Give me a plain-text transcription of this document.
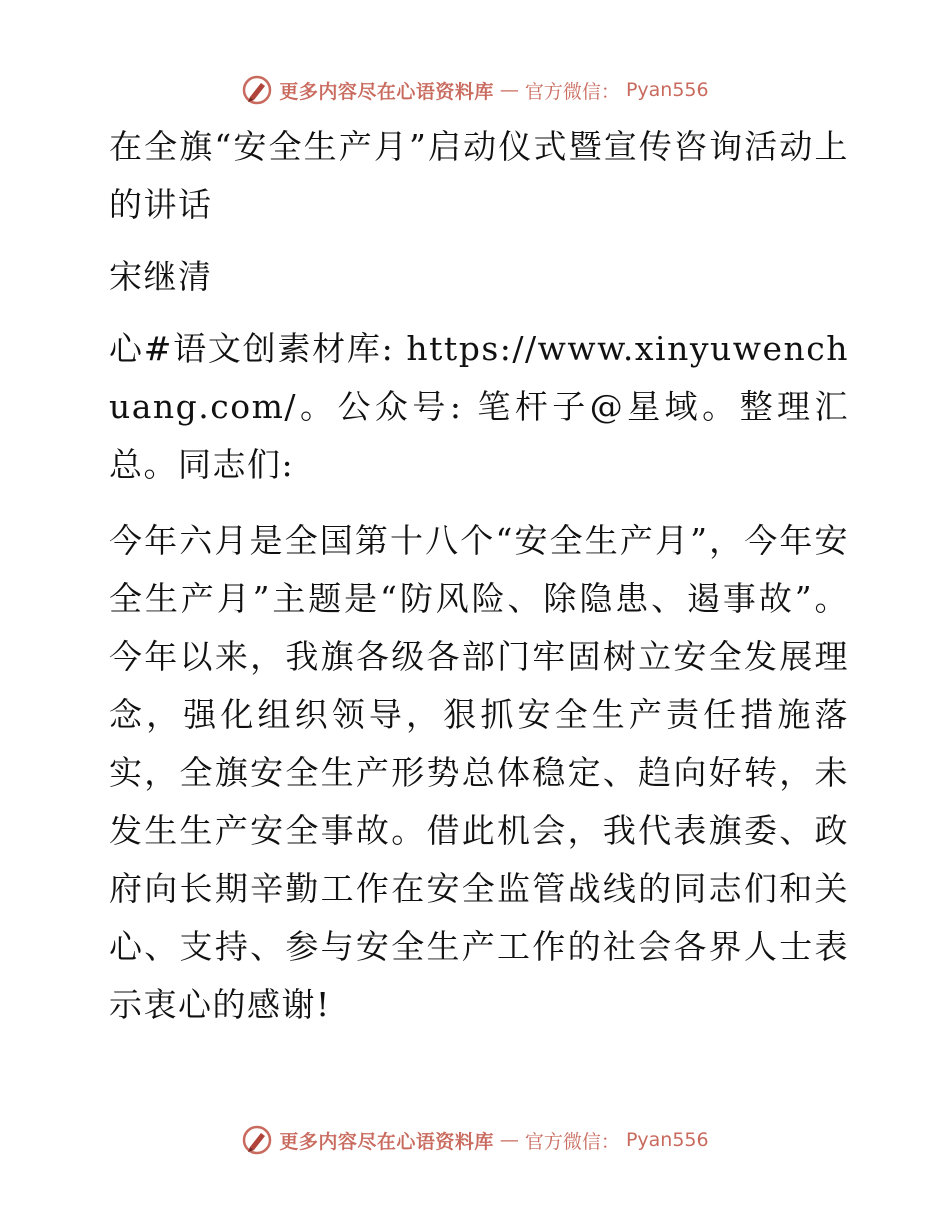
更多内容尽在心语资料库 — 官方微信： Pyan556

在全旗“安全生产月”启动仪式暨宣传咨询活动上的讲话

宋继清

心#语文创素材库: https://www.xinyuwenchuang.com/。公众号: 笔杆子@星域。整理汇总。同志们:

今年六月是全国第十八个“安全生产月”，今年安全生产月”主题是“防风险、除隐患、遏事故”。今年以来，我旗各级各部门牢固树立安全发展理念，强化组织领导，狠抓安全生产责任措施落实，全旗安全生产形势总体稳定、趋向好转，未发生生产安全事故。借此机会，我代表旗委、政府向长期辛勤工作在安全监管战线的同志们和关心、支持、参与安全生产工作的社会各界人士表示衷心的感谢!

更多内容尽在心语资料库 — 官方微信： Pyan556
